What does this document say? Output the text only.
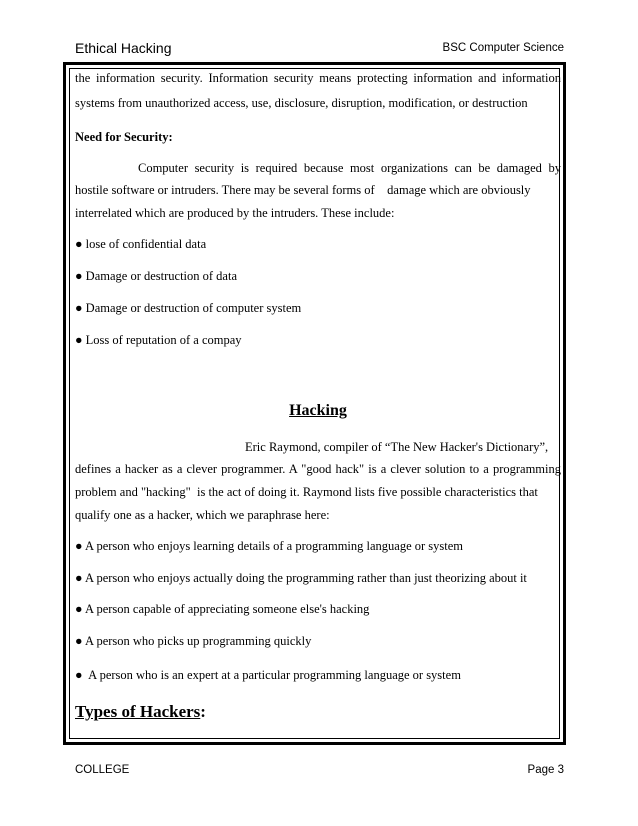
Ethical Hacking	BSC Computer Science
the information security. Information security means protecting information and information
systems from unauthorized access, use, disclosure, disruption, modification, or destruction
Need for Security:
Computer security is required because most organizations can be damaged by
hostile software or intruders. There may be several forms of    damage which are obviously
interrelated which are produced by the intruders. These include:
● lose of confidential data
● Damage or destruction of data
● Damage or destruction of computer system
● Loss of reputation of a compay
Hacking
Eric Raymond, compiler of “The New Hacker's Dictionary”,
defines a hacker as a clever programmer. A "good hack" is a clever solution to a programming
problem and "hacking"  is the act of doing it. Raymond lists five possible characteristics that
qualify one as a hacker, which we paraphrase here:
● A person who enjoys learning details of a programming language or system
● A person who enjoys actually doing the programming rather than just theorizing about it
● A person capable of appreciating someone else's hacking
● A person who picks up programming quickly
●  A person who is an expert at a particular programming language or system
Types of Hackers:
COLLEGE	Page 3
